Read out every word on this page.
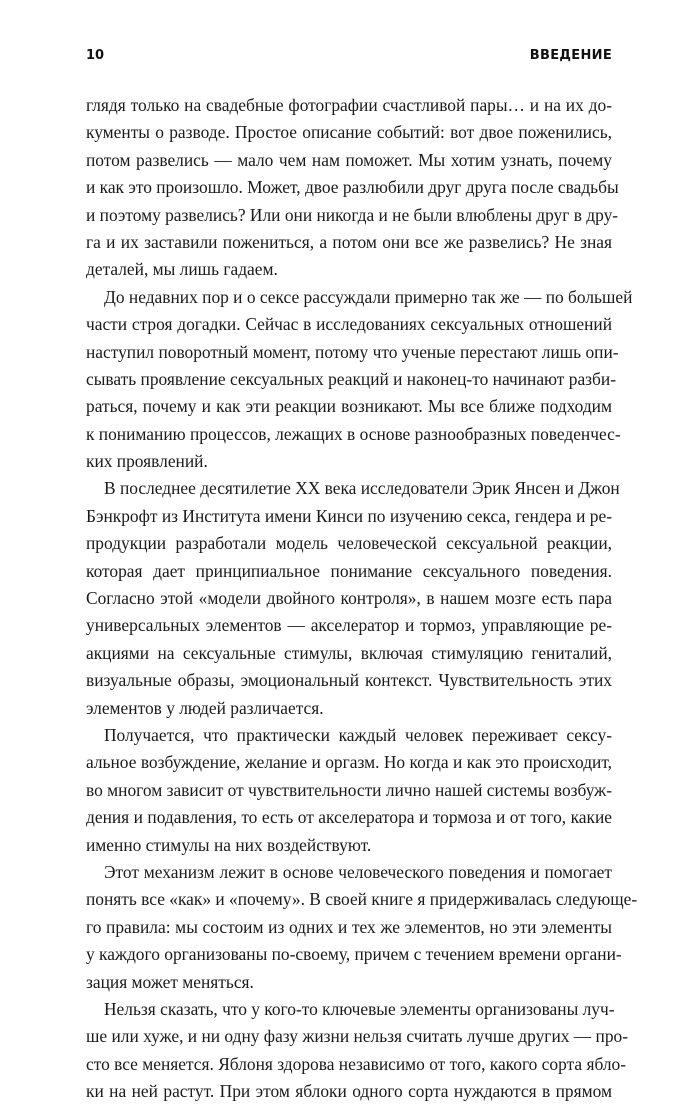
10	ВВЕДЕНИЕ
глядя только на свадебные фотографии счастливой пары… и на их до-
кументы о разводе. Простое описание событий: вот двое поженились,
потом развелись — мало чем нам поможет. Мы хотим узнать, почему
и как это произошло. Может, двое разлюбили друг друга после свадьбы
и поэтому развелись? Или они никогда и не были влюблены друг в дру-
га и их заставили пожениться, а потом они все же развелись? Не зная
деталей, мы лишь гадаем.
До недавних пор и о сексе рассуждали примерно так же — по большей
части строя догадки. Сейчас в исследованиях сексуальных отношений
наступил поворотный момент, потому что ученые перестают лишь опи-
сывать проявление сексуальных реакций и наконец-то начинают разби-
раться, почему и как эти реакции возникают. Мы все ближе подходим
к пониманию процессов, лежащих в основе разнообразных поведенчес-
ких проявлений.
В последнее десятилетие XX века исследователи Эрик Янсен и Джон
Бэнкрофт из Института имени Кинси по изучению секса, гендера и ре-
продукции разработали модель человеческой сексуальной реакции,
которая дает принципиальное понимание сексуального поведения.
Согласно этой «модели двойного контроля», в нашем мозге есть пара
универсальных элементов — акселератор и тормоз, управляющие ре-
акциями на сексуальные стимулы, включая стимуляцию гениталий,
визуальные образы, эмоциональный контекст. Чувствительность этих
элементов у людей различается.
Получается, что практически каждый человек переживает сексу-
альное возбуждение, желание и оргазм. Но когда и как это происходит,
во многом зависит от чувствительности лично нашей системы возбуж-
дения и подавления, то есть от акселератора и тормоза и от того, какие
именно стимулы на них воздействуют.
Этот механизм лежит в основе человеческого поведения и помогает
понять все «как» и «почему». В своей книге я придерживалась следующе-
го правила: мы состоим из одних и тех же элементов, но эти элементы
у каждого организованы по-своему, причем с течением времени органи-
зация может меняться.
Нельзя сказать, что у кого-то ключевые элементы организованы луч-
ше или хуже, и ни одну фазу жизни нельзя считать лучше других — про-
сто все меняется. Яблоня здорова независимо от того, какого сорта ябло-
ки на ней растут. При этом яблоки одного сорта нуждаются в прямом
